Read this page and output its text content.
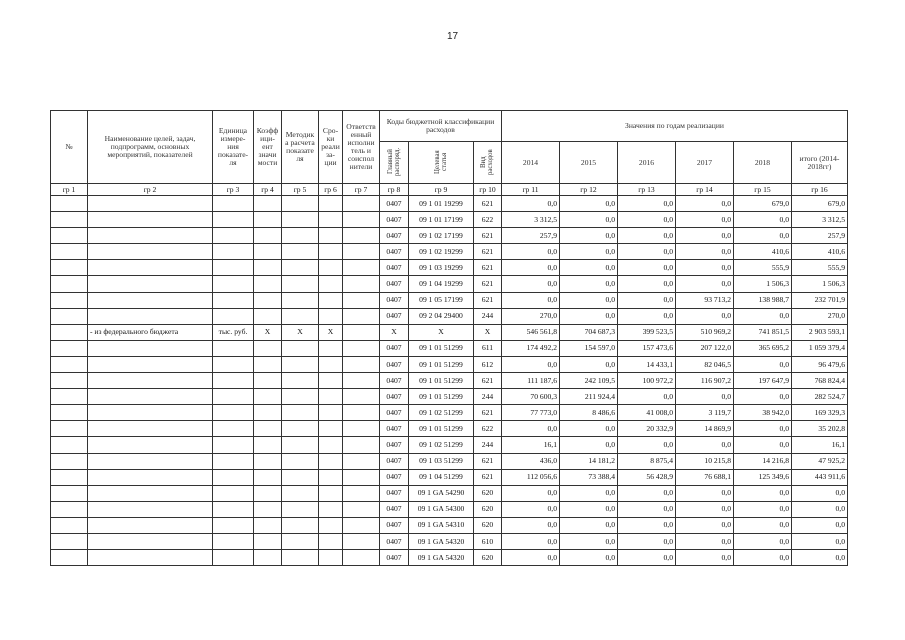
17
№	Наименование целей, задач, подпрограмм, основных мероприятий, показателей	Единица измере-ния показате-ля	Коэфф ици-ент значи мости	Методик а расчета показате ля	Сро-ки реали за-ции	Ответств енный исполни тель и соиспол нители	Коды бюджетной классификации расходов			Значения по годам реализации					
							Главный распоряд.	Целевая статья	Вид расходов	2014	2015	2016	2017	2018	итого (2014-2018гг)
гр 1	гр 2	гр 3	гр 4	гр 5	гр 6	гр 7	гр 8	гр 9	гр 10	гр 11	гр 12	гр 13	гр 14	гр 15	гр 16
							0407	09 1 01 19299	621	0,0	0,0	0,0	0,0	679,0	679,0
							0407	09 1 01 17199	622	3 312,5	0,0	0,0	0,0	0,0	3 312,5
							0407	09 1 02 17199	621	257,9	0,0	0,0	0,0	0,0	257,9
							0407	09 1 02 19299	621	0,0	0,0	0,0	0,0	410,6	410,6
							0407	09 1 03 19299	621	0,0	0,0	0,0	0,0	555,9	555,9
							0407	09 1 04 19299	621	0,0	0,0	0,0	0,0	1 506,3	1 506,3
							0407	09 1 05 17199	621	0,0	0,0	0,0	93 713,2	138 988,7	232 701,9
							0407	09 2 04 29400	244	270,0	0,0	0,0	0,0	0,0	270,0
	- из федерального бюджета	тыс. руб.	X	X	X		X	X	X	546 561,8	704 687,3	399 523,5	510 969,2	741 851,5	2 903 593,1
							0407	09 1 01 51299	611	174 492,2	154 597,0	157 473,6	207 122,0	365 695,2	1 059 379,4
							0407	09 1 01 51299	612	0,0	0,0	14 433,1	82 046,5	0,0	96 479,6
							0407	09 1 01 51299	621	111 187,6	242 109,5	100 972,2	116 907,2	197 647,9	768 824,4
							0407	09 1 01 51299	244	70 600,3	211 924,4	0,0	0,0	0,0	282 524,7
							0407	09 1 02 51299	621	77 773,0	8 486,6	41 008,0	3 119,7	38 942,0	169 329,3
							0407	09 1 01 51299	622	0,0	0,0	20 332,9	14 869,9	0,0	35 202,8
							0407	09 1 02 51299	244	16,1	0,0	0,0	0,0	0,0	16,1
							0407	09 1 03 51299	621	436,0	14 181,2	8 875,4	10 215,8	14 216,8	47 925,2
							0407	09 1 04 51299	621	112 056,6	73 388,4	56 428,9	76 688,1	125 349,6	443 911,6
							0407	09 1 GA 54290	620	0,0	0,0	0,0	0,0	0,0	0,0
							0407	09 1 GA 54300	620	0,0	0,0	0,0	0,0	0,0	0,0
							0407	09 1 GA 54310	620	0,0	0,0	0,0	0,0	0,0	0,0
							0407	09 1 GA 54320	610	0,0	0,0	0,0	0,0	0,0	0,0
							0407	09 1 GA 54320	620	0,0	0,0	0,0	0,0	0,0	0,0
